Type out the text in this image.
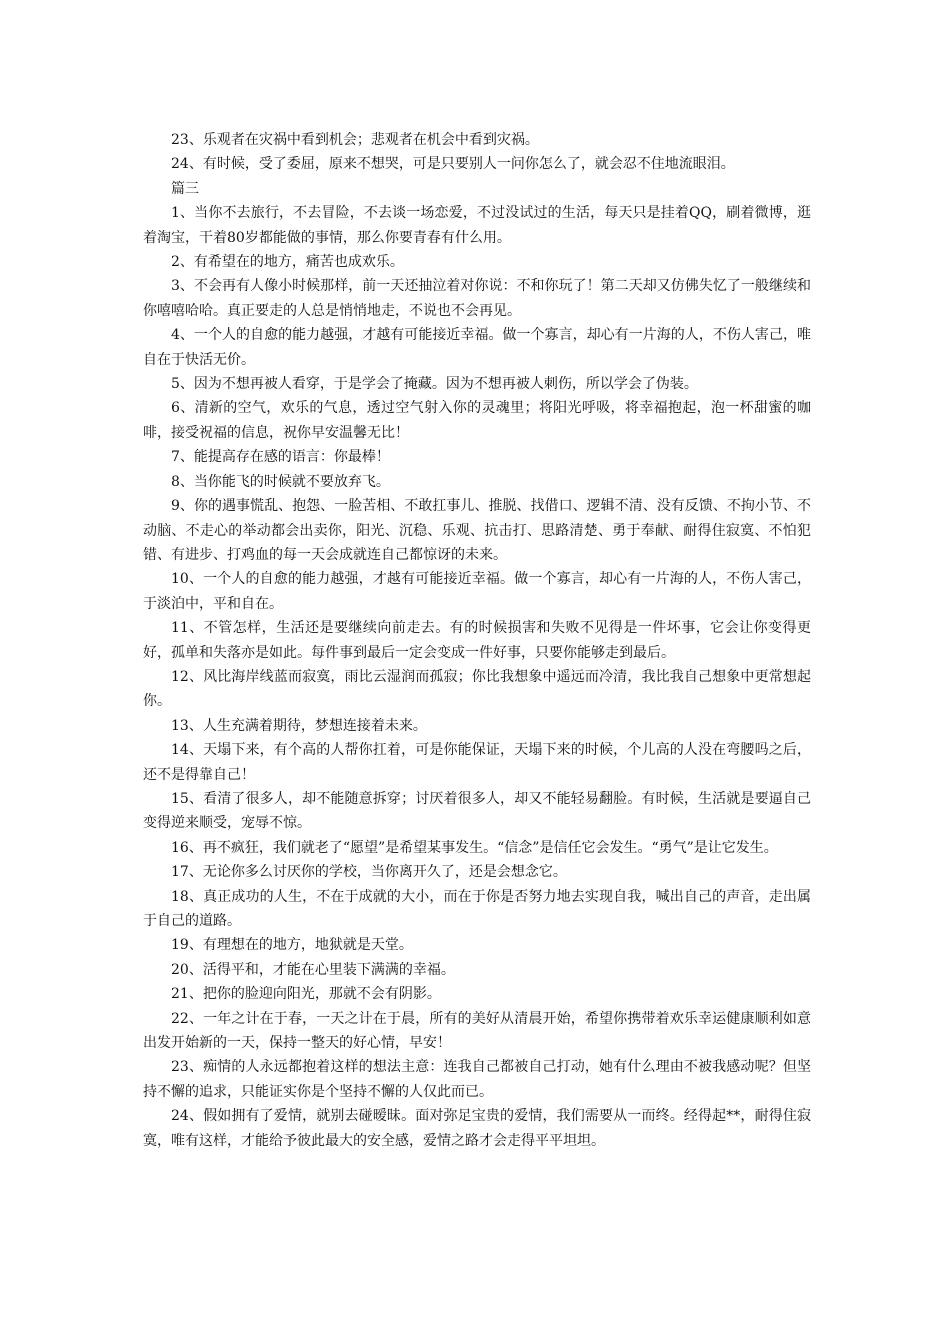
23、乐观者在灾祸中看到机会；悲观者在机会中看到灾祸。

24、有时候，受了委屈，原来不想哭，可是只要别人一问你怎么了，就会忍不住地流眼泪。

篇三

1、当你不去旅行，不去冒险，不去谈一场恋爱，不过没试过的生活，每天只是挂着QQ，刷着微博，逛着淘宝，干着80岁都能做的事情，那么你要青春有什么用。

2、有希望在的地方，痛苦也成欢乐。

3、不会再有人像小时候那样，前一天还抽泣着对你说：不和你玩了！第二天却又仿佛失忆了一般继续和你嘻嘻哈哈。真正要走的人总是悄悄地走，不说也不会再见。

4、一个人的自愈的能力越强，才越有可能接近幸福。做一个寡言，却心有一片海的人，不伤人害己，唯自在于快活无价。

5、因为不想再被人看穿，于是学会了掩藏。因为不想再被人刺伤，所以学会了伪装。

6、清新的空气，欢乐的气息，透过空气射入你的灵魂里；将阳光呼吸，将幸福抱起，泡一杯甜蜜的咖啡，接受祝福的信息，祝你早安温馨无比！

7、能提高存在感的语言：你最棒！

8、当你能飞的时候就不要放弃飞。

9、你的遇事慌乱、抱怨、一脸苦相、不敢扛事儿、推脱、找借口、逻辑不清、没有反馈、不拘小节、不动脑、不走心的举动都会出卖你，阳光、沉稳、乐观、抗击打、思路清楚、勇于奉献、耐得住寂寞、不怕犯错、有进步、打鸡血的每一天会成就连自己都惊讶的未来。

10、一个人的自愈的能力越强，才越有可能接近幸福。做一个寡言，却心有一片海的人，不伤人害己，于淡泊中，平和自在。

11、不管怎样，生活还是要继续向前走去。有的时候损害和失败不见得是一件坏事，它会让你变得更好，孤单和失落亦是如此。每件事到最后一定会变成一件好事，只要你能够走到最后。

12、风比海岸线蓝而寂寞，雨比云湿润而孤寂；你比我想象中遥远而冷清，我比我自己想象中更常想起你。

13、人生充满着期待，梦想连接着未来。

14、天塌下来，有个高的人帮你扛着，可是你能保证，天塌下来的时候，个儿高的人没在弯腰吗之后，还不是得靠自己！

15、看清了很多人，却不能随意拆穿；讨厌着很多人，却又不能轻易翻脸。有时候，生活就是要逼自己变得逆来顺受，宠辱不惊。

16、再不疯狂，我们就老了“愿望”是希望某事发生。“信念”是信任它会发生。“勇气”是让它发生。

17、无论你多么讨厌你的学校，当你离开久了，还是会想念它。

18、真正成功的人生，不在于成就的大小，而在于你是否努力地去实现自我，喊出自己的声音，走出属于自己的道路。

19、有理想在的地方，地狱就是天堂。

20、活得平和，才能在心里装下满满的幸福。

21、把你的脸迎向阳光，那就不会有阴影。

22、一年之计在于春，一天之计在于晨，所有的美好从清晨开始，希望你携带着欢乐幸运健康顺利如意出发开始新的一天，保持一整天的好心情，早安！

23、痴情的人永远都抱着这样的想法主意：连我自己都被自己打动，她有什么理由不被我感动呢？但坚持不懈的追求，只能证实你是个坚持不懈的人仅此而已。

24、假如拥有了爱情，就别去碰暧昧。面对弥足宝贵的爱情，我们需要从一而终。经得起**，耐得住寂寞，唯有这样，才能给予彼此最大的安全感，爱情之路才会走得平平坦坦。
